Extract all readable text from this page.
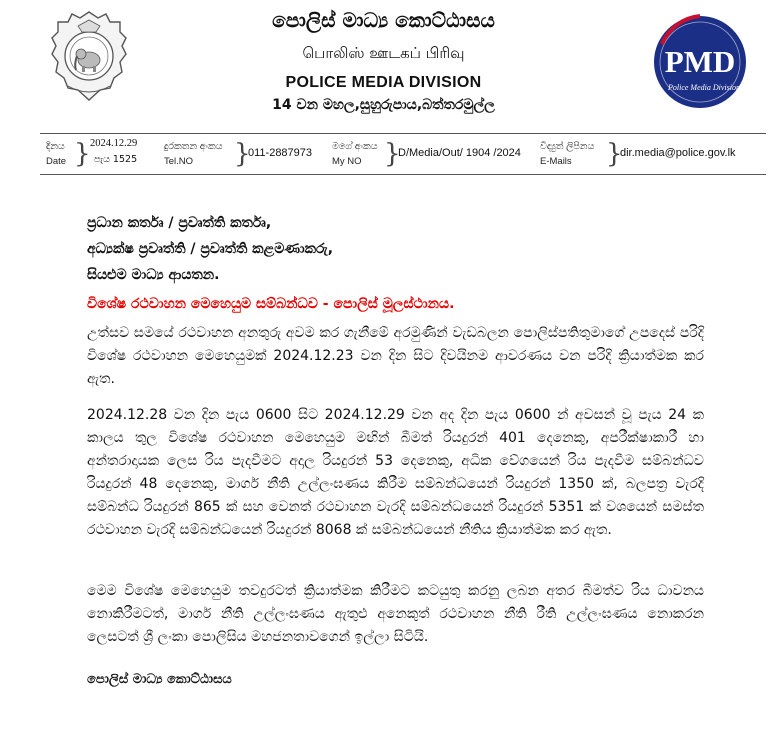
PMD
Police Media Division
පොලිස් මාධ්‍ය කොට්ඨාසය
பொலிஸ் ஊடகப் பிரிவு
POLICE MEDIA DIVISION
14 වන මහල,සුහුරුපාය,බත්තරමුල්ල
දිනය
Date } 2024.12.29
පැය 1525
දුරකතන අංකය
Tel.NO	}
011-2887973
මගේ අංකය
My NO }
D/Media/Out/ 1904 /2024
විද්‍යුත් ලිපිනය
E-Mails	}
dir.media@police.gov.lk
ප්‍රධාන කර්තෘ / ප්‍රවෘත්ති කර්තෘ,
අධ්‍යක්ෂ ප්‍රවෘත්ති / ප්‍රවෘත්ති කළමණාකරු,
සියළුම මාධ්‍ය ආයතන.
විශේෂ රථවාහන මෙහෙයුම සම්බන්ධව - පොලිස් මූලස්ථානය.
උත්සව සමයේ රථවාහන අනතුරු අවම කර ගැනීමේ අරමුණින් වැඩබලන පොලිස්පතිතුමාගේ උපදෙස් පරිදි විශේෂ රථවාහන මෙහෙයුමක් 2024.12.23 වන දින සිට දිවයිනම ආවරණය වන පරිදි ක්‍රියාත්මක කර ඇත.
2024.12.28 වන දින පැය 0600 සිට 2024.12.29 වන අද දින පැය 0600 න් අවසන් වූ පැය 24 ක කාලය තුල විශේෂ රථවාහන මෙහෙයුම මඟින් බීමත් රියදුරන් 401 දෙනෙකු, අපරීක්ෂාකාරී හා අන්තරාදායක ලෙස රිය පැදවීමට අදාල රියදුරන් 53 දෙනෙකු, අධික වේගයෙන් රිය පැදවීම සම්බන්ධව රියදුරන් 48 දෙනෙකු, මාර්ග නීති උල්ලංඝණය කිරීම සම්බන්ධයෙන් රියදුරන් 1350 ක්, බලපත්‍ර වැරදි සම්බන්ධ රියදුරන් 865 ක් සහ වෙනත් රථවාහන වැරදි සම්බන්ධයෙන් රියදුරන් 5351 ක් වශයෙන් සමස්ත රථවාහන වැරදි සම්බන්ධයෙන් රියදුරන් 8068 ක් සම්බන්ධයෙන් නීතිය ක්‍රියාත්මක කර ඇත.
මෙම විශේෂ මෙහෙයුම තවදුරටත් ක්‍රියාත්මක කිරීමට කටයුතු කරනු ලබන අතර බීමත්ව රිය ධාවනය නොකිරීමටත්, මාර්ග නීති උල්ලංඝණය ඇතුළු අනෙකුත් රථවාහන නීති රීති උල්ලංඝණය නොකරන ලෙසටත් ශ්‍රී ලංකා පොලිසිය මහජනතාවගෙන් ඉල්ලා සිටියි.
පොලිස් මාධ්‍ය කොට්ඨාසය
